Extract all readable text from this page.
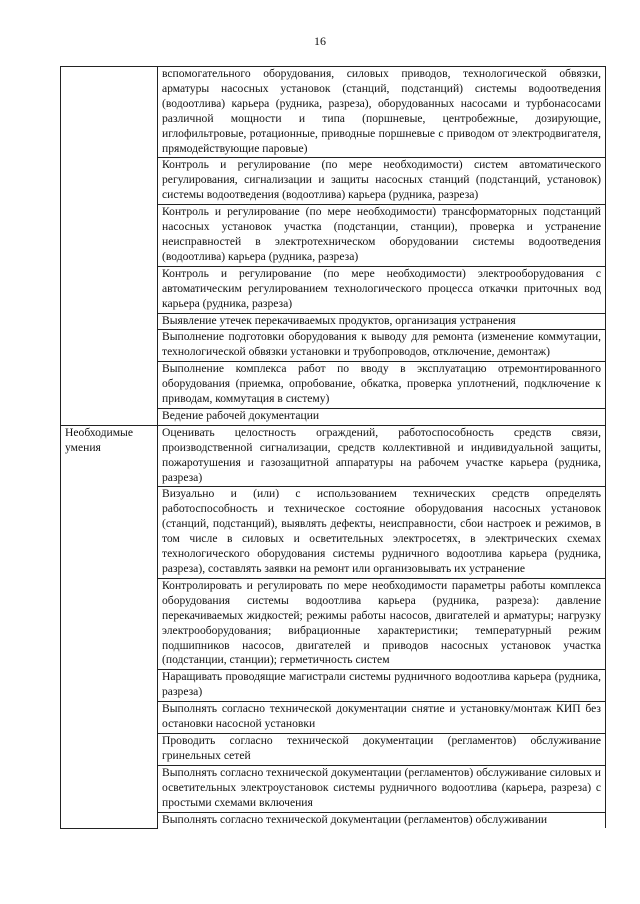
16
	вспомогательного оборудования, силовых приводов, технологической обвязки, арматуры насосных установок (станций, подстанций) системы водоотведения (водоотлива) карьера (рудника, разреза), оборудованных насосами и турбонасосами различной мощности и типа (поршневые, центробежные, дозирующие, иглофильтровые, ротационные, приводные поршневые с приводом от электродвигателя, прямодействующие паровые)
	Контроль и регулирование (по мере необходимости) систем автоматического регулирования, сигнализации и защиты насосных станций (подстанций, установок) системы водоотведения (водоотлива) карьера (рудника, разреза)
	Контроль и регулирование (по мере необходимости) трансформаторных подстанций насосных установок участка (подстанции, станции), проверка и устранение неисправностей в электротехническом оборудовании системы водоотведения (водоотлива) карьера (рудника, разреза)
	Контроль и регулирование (по мере необходимости) электрооборудования с автоматическим регулированием технологического процесса откачки приточных вод карьера (рудника, разреза)
	Выявление утечек перекачиваемых продуктов, организация устранения
	Выполнение подготовки оборудования к выводу для ремонта (изменение коммутации, технологической обвязки установки и трубопроводов, отключение, демонтаж)
	Выполнение комплекса работ по вводу в эксплуатацию отремонтированного оборудования (приемка, опробование, обкатка, проверка уплотнений, подключение к приводам, коммутация в систему)
	Ведение рабочей документации
Необходимые умения	Оценивать целостность ограждений, работоспособность средств связи, производственной сигнализации, средств коллективной и индивидуальной защиты, пожаротушения и газозащитной аппаратуры на рабочем участке карьера (рудника, разреза)
	Визуально и (или) с использованием технических средств определять работоспособность и техническое состояние оборудования насосных установок (станций, подстанций), выявлять дефекты, неисправности, сбои настроек и режимов, в том числе в силовых и осветительных электросетях, в электрических схемах технологического оборудования системы рудничного водоотлива карьера (рудника, разреза), составлять заявки на ремонт или организовывать их устранение
	Контролировать и регулировать по мере необходимости параметры работы комплекса оборудования системы водоотлива карьера (рудника, разреза): давление перекачиваемых жидкостей; режимы работы насосов, двигателей и арматуры; нагрузку электрооборудования; вибрационные характеристики; температурный режим подшипников насосов, двигателей и приводов насосных установок участка (подстанции, станции); герметичность систем
	Наращивать проводящие магистрали системы рудничного водоотлива карьера (рудника, разреза)
	Выполнять согласно технической документации снятие и установку/монтаж КИП без остановки насосной установки
	Проводить согласно технической документации (регламентов) обслуживание гринельных сетей
	Выполнять согласно технической документации (регламентов) обслуживание силовых и осветительных электроустановок системы рудничного водоотлива (карьера, разреза) с простыми схемами включения
	Выполнять согласно технической документации (регламентов) обслуживании
